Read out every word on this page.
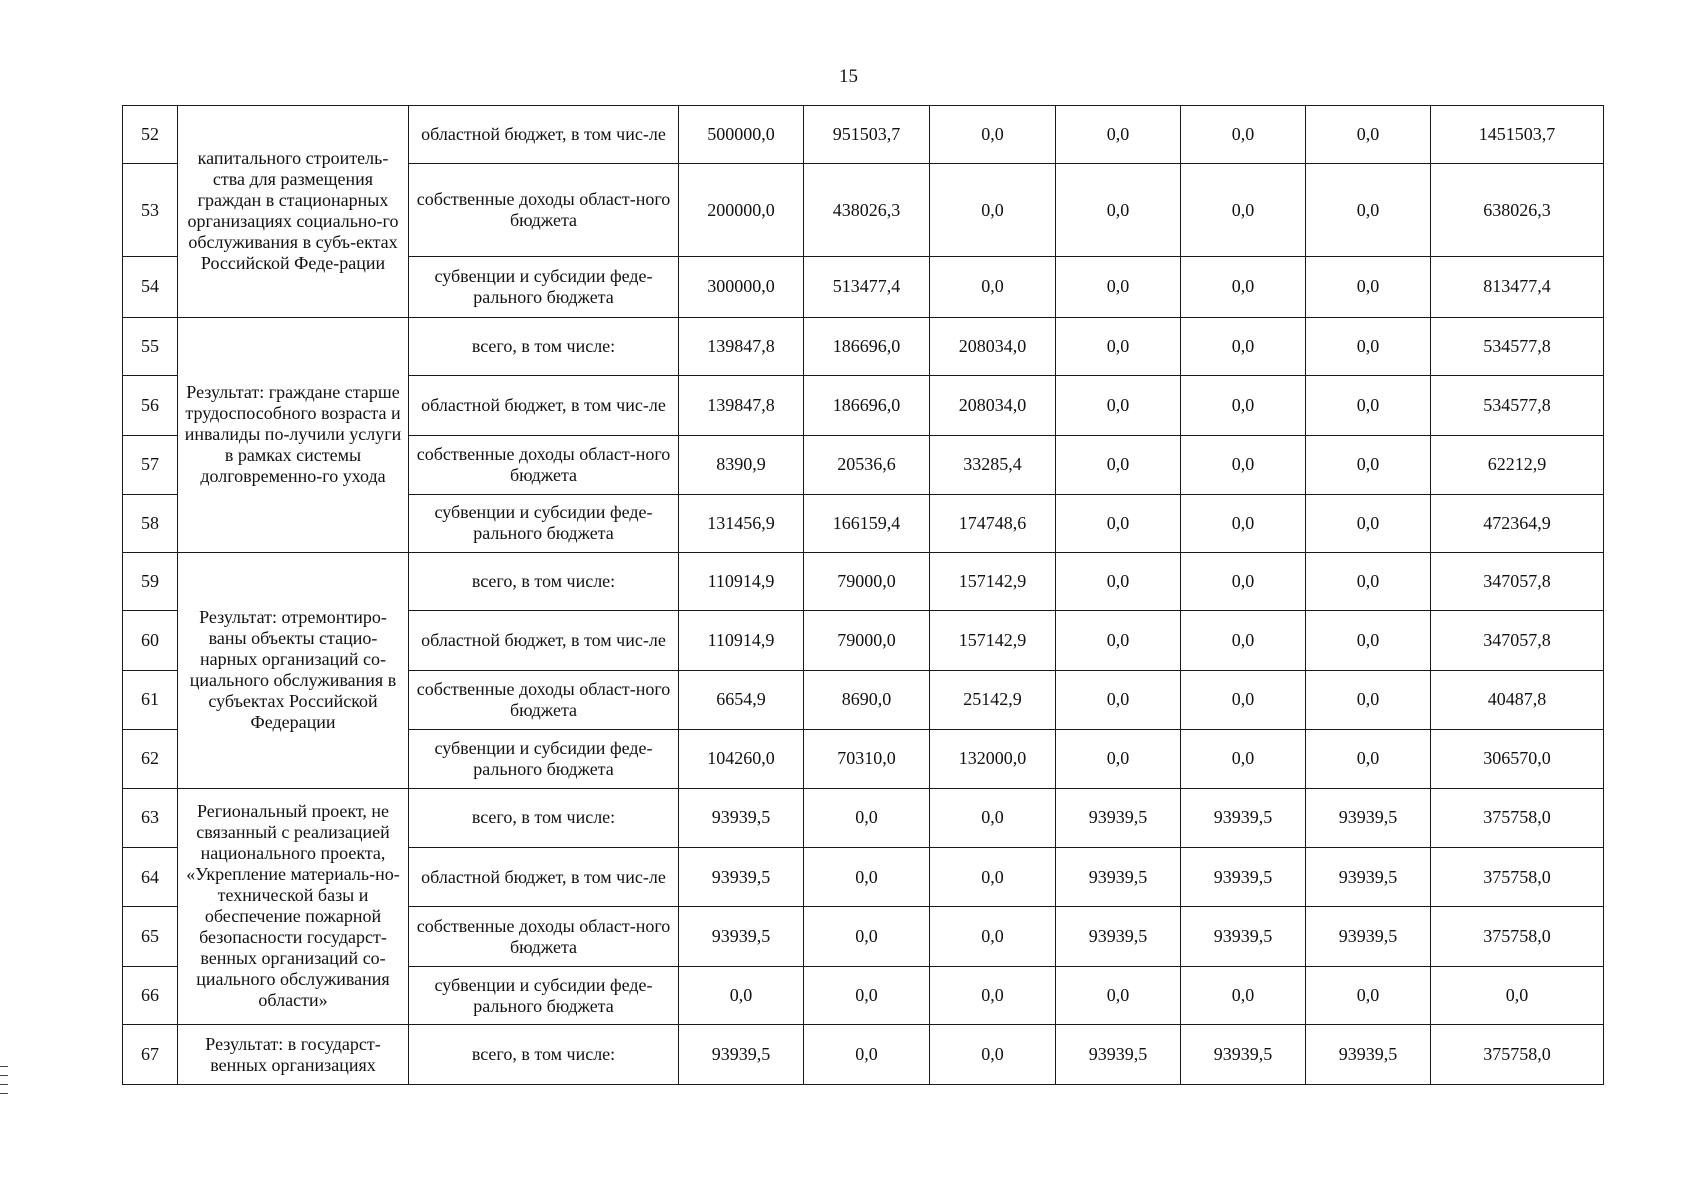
15
52	капитального строитель-ства для размещения граждан в стационарных организациях социально-го обслуживания в субъ-ектах Российской Феде-рации	областной бюджет, в том чис-ле	500000,0	951503,7	0,0	0,0	0,0	0,0	1451503,7
53		собственные доходы област-ного бюджета	200000,0	438026,3	0,0	0,0	0,0	0,0	638026,3
54		субвенции и субсидии феде-рального бюджета	300000,0	513477,4	0,0	0,0	0,0	0,0	813477,4
55	Результат: граждане старше трудоспособного возраста и инвалиды по-лучили услуги в рамках системы долговременно-го ухода	всего, в том числе:	139847,8	186696,0	208034,0	0,0	0,0	0,0	534577,8
56		областной бюджет, в том чис-ле	139847,8	186696,0	208034,0	0,0	0,0	0,0	534577,8
57		собственные доходы област-ного бюджета	8390,9	20536,6	33285,4	0,0	0,0	0,0	62212,9
58		субвенции и субсидии феде-рального бюджета	131456,9	166159,4	174748,6	0,0	0,0	0,0	472364,9
59	Результат: отремонтиро-ваны объекты стацио-нарных организаций со-циального обслуживания в субъектах Российской Федерации	всего, в том числе:	110914,9	79000,0	157142,9	0,0	0,0	0,0	347057,8
60		областной бюджет, в том чис-ле	110914,9	79000,0	157142,9	0,0	0,0	0,0	347057,8
61		собственные доходы област-ного бюджета	6654,9	8690,0	25142,9	0,0	0,0	0,0	40487,8
62		субвенции и субсидии феде-рального бюджета	104260,0	70310,0	132000,0	0,0	0,0	0,0	306570,0
63	Региональный проект, не связанный с реализацией национального проекта, «Укрепление материаль-но-технической базы и обеспечение пожарной безопасности государст-венных организаций со-циального обслуживания области»	всего, в том числе:	93939,5	0,0	0,0	93939,5	93939,5	93939,5	375758,0
64		областной бюджет, в том чис-ле	93939,5	0,0	0,0	93939,5	93939,5	93939,5	375758,0
65		собственные доходы област-ного бюджета	93939,5	0,0	0,0	93939,5	93939,5	93939,5	375758,0
66		субвенции и субсидии феде-рального бюджета	0,0	0,0	0,0	0,0	0,0	0,0	0,0
67	Результат: в государст-венных организациях	всего, в том числе:	93939,5	0,0	0,0	93939,5	93939,5	93939,5	375758,0
